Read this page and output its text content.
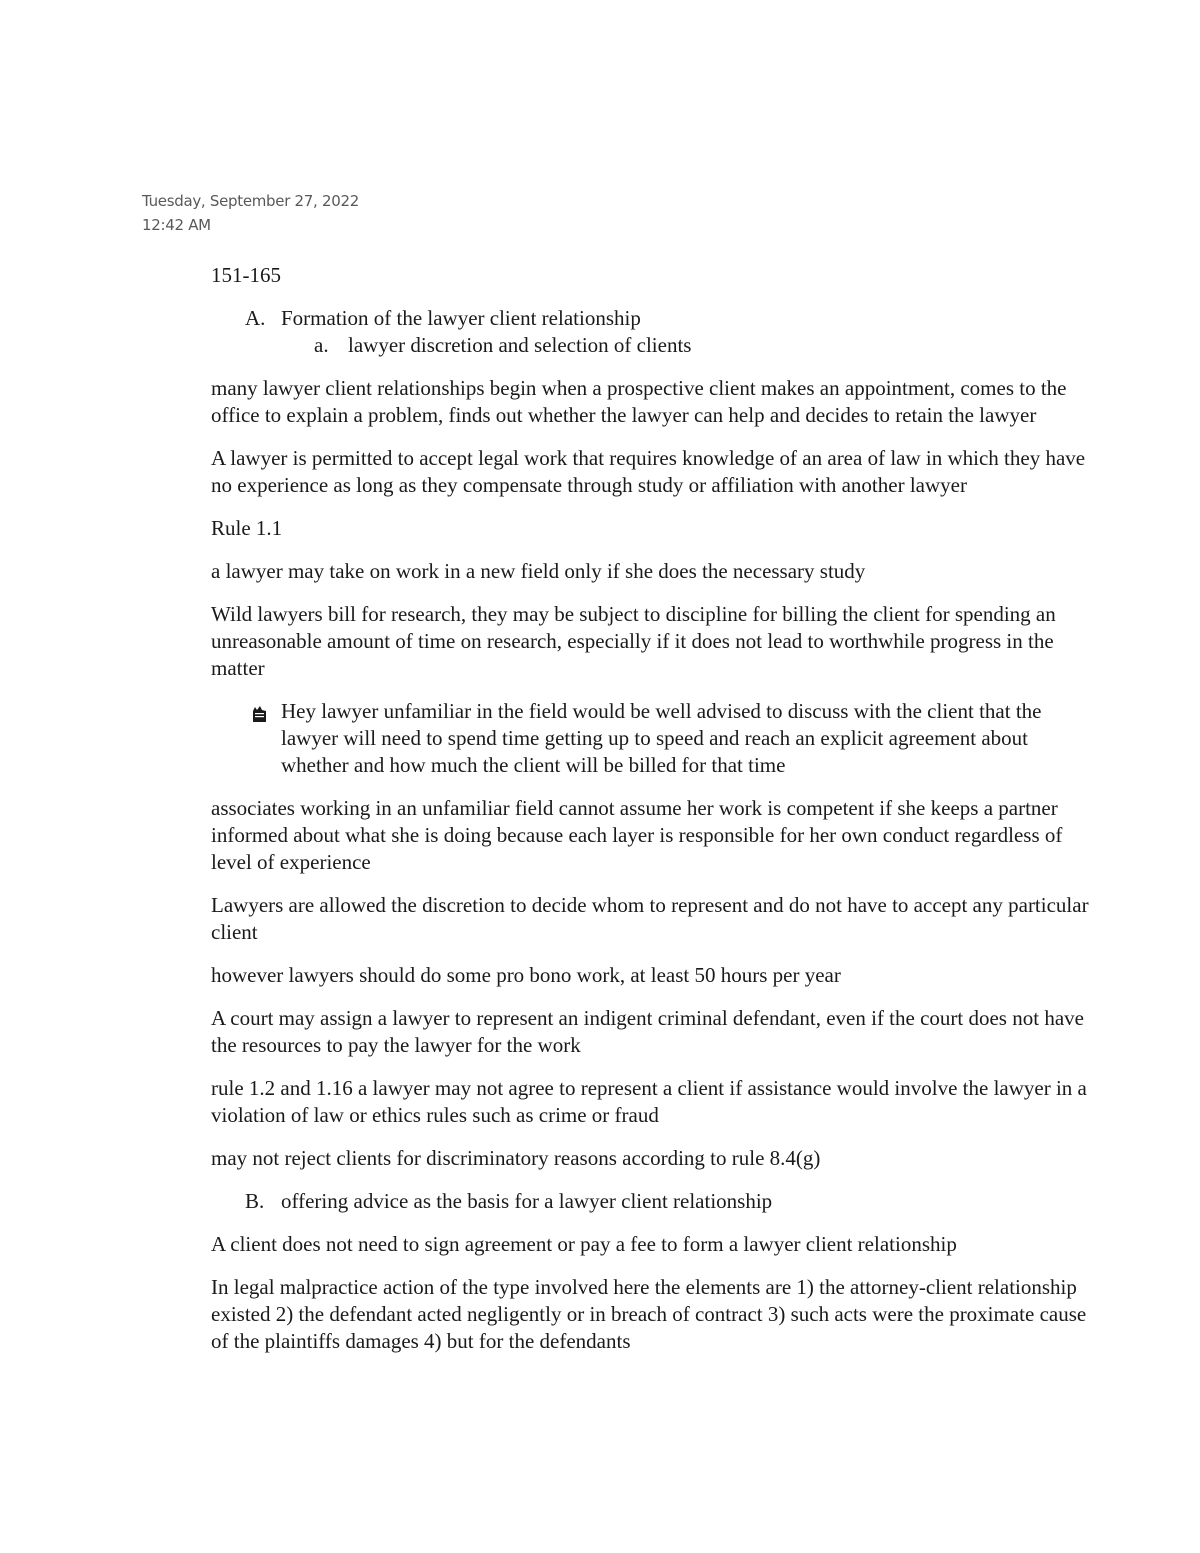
Tuesday, September 27, 2022
12:42 AM

151-165

A. Formation of the lawyer client relationship
a. lawyer discretion and selection of clients

many lawyer client relationships begin when a prospective client makes an appointment, comes to the office to explain a problem, finds out whether the lawyer can help and decides to retain the lawyer

A lawyer is permitted to accept legal work that requires knowledge of an area of law in which they have no experience as long as they compensate through study or affiliation with another lawyer

Rule 1.1

a lawyer may take on work in a new field only if she does the necessary study

Wild lawyers bill for research, they may be subject to discipline for billing the client for spending an unreasonable amount of time on research, especially if it does not lead to worthwhile progress in the matter

Hey lawyer unfamiliar in the field would be well advised to discuss with the client that the lawyer will need to spend time getting up to speed and reach an explicit agreement about whether and how much the client will be billed for that time

associates working in an unfamiliar field cannot assume her work is competent if she keeps a partner informed about what she is doing because each layer is responsible for her own conduct regardless of level of experience

Lawyers are allowed the discretion to decide whom to represent and do not have to accept any particular client

however lawyers should do some pro bono work, at least 50 hours per year

A court may assign a lawyer to represent an indigent criminal defendant, even if the court does not have the resources to pay the lawyer for the work

rule 1.2 and 1.16 a lawyer may not agree to represent a client if assistance would involve the lawyer in a violation of law or ethics rules such as crime or fraud

may not reject clients for discriminatory reasons according to rule 8.4(g)

B. offering advice as the basis for a lawyer client relationship

A client does not need to sign agreement or pay a fee to form a lawyer client relationship

In legal malpractice action of the type involved here the elements are 1) the attorney-client relationship existed 2) the defendant acted negligently or in breach of contract 3) such acts were the proximate cause of the plaintiffs damages 4) but for the defendants
